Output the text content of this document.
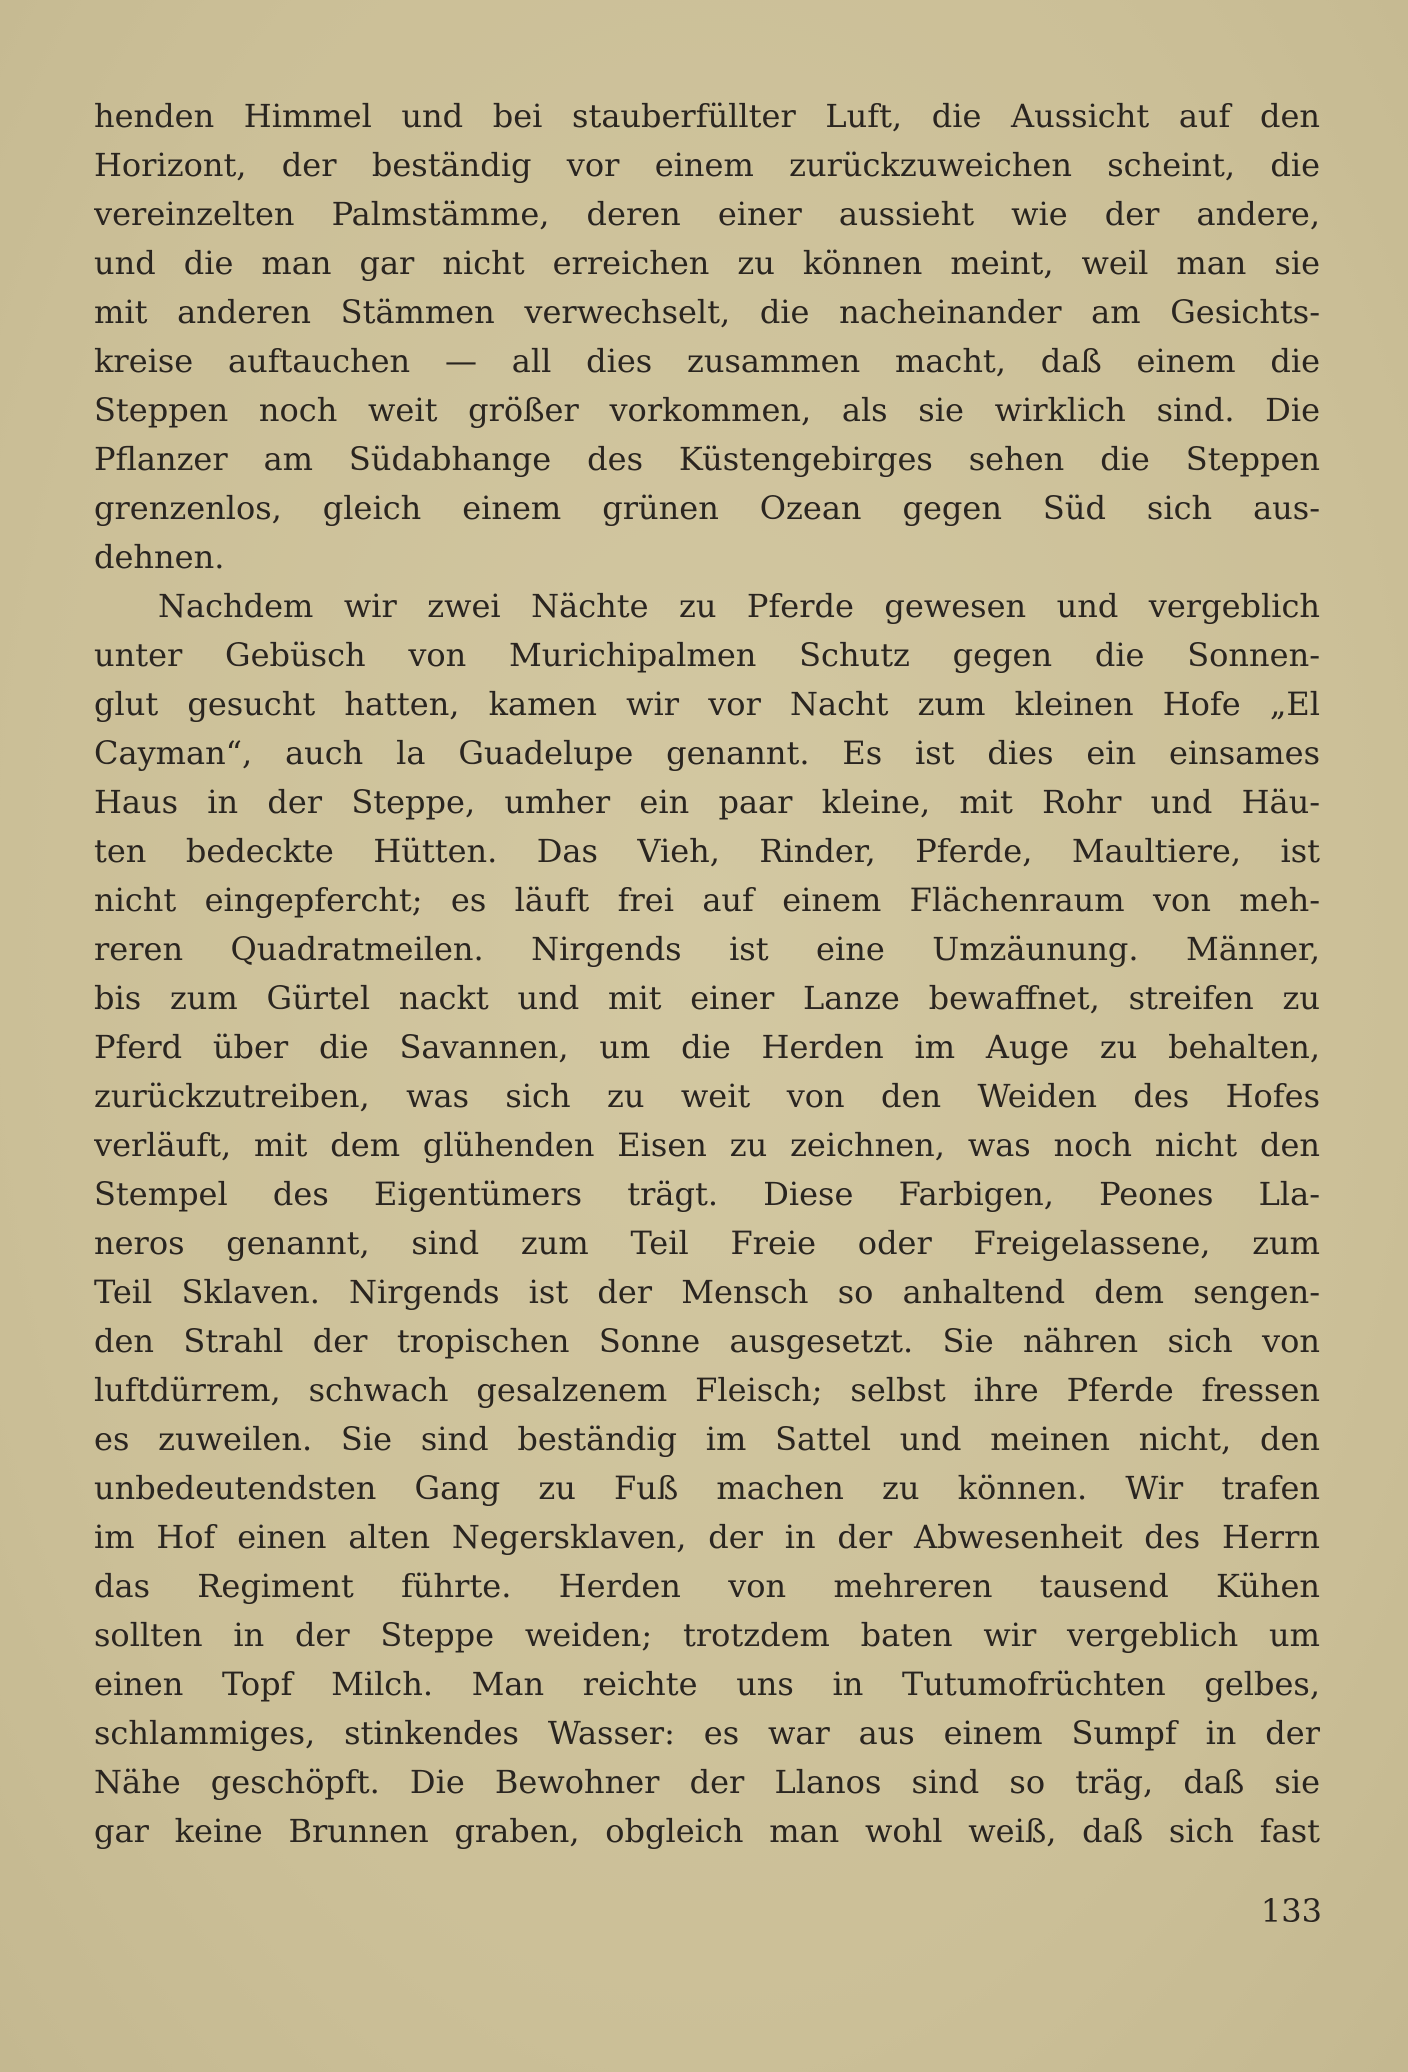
henden Himmel und bei stauberfüllter Luft, die Aussicht auf den
Horizont, der beständig vor einem zurückzuweichen scheint, die
vereinzelten Palmstämme, deren einer aussieht wie der andere,
und die man gar nicht erreichen zu können meint, weil man sie
mit anderen Stämmen verwechselt, die nacheinander am Gesichts-
kreise auftauchen — all dies zusammen macht, daß einem die
Steppen noch weit größer vorkommen, als sie wirklich sind. Die
Pflanzer am Südabhange des Küstengebirges sehen die Steppen
grenzenlos, gleich einem grünen Ozean gegen Süd sich aus-
dehnen.
Nachdem wir zwei Nächte zu Pferde gewesen und vergeblich
unter Gebüsch von Murichipalmen Schutz gegen die Sonnen-
glut gesucht hatten, kamen wir vor Nacht zum kleinen Hofe „El
Cayman“, auch la Guadelupe genannt. Es ist dies ein einsames
Haus in der Steppe, umher ein paar kleine, mit Rohr und Häu-
ten bedeckte Hütten. Das Vieh, Rinder, Pferde, Maultiere, ist
nicht eingepfercht; es läuft frei auf einem Flächenraum von meh-
reren Quadratmeilen. Nirgends ist eine Umzäunung. Männer,
bis zum Gürtel nackt und mit einer Lanze bewaffnet, streifen zu
Pferd über die Savannen, um die Herden im Auge zu behalten,
zurückzutreiben, was sich zu weit von den Weiden des Hofes
verläuft, mit dem glühenden Eisen zu zeichnen, was noch nicht den
Stempel des Eigentümers trägt. Diese Farbigen, Peones Lla-
neros genannt, sind zum Teil Freie oder Freigelassene, zum
Teil Sklaven. Nirgends ist der Mensch so anhaltend dem sengen-
den Strahl der tropischen Sonne ausgesetzt. Sie nähren sich von
luftdürrem, schwach gesalzenem Fleisch; selbst ihre Pferde fressen
es zuweilen. Sie sind beständig im Sattel und meinen nicht, den
unbedeutendsten Gang zu Fuß machen zu können. Wir trafen
im Hof einen alten Negersklaven, der in der Abwesenheit des Herrn
das Regiment führte. Herden von mehreren tausend Kühen
sollten in der Steppe weiden; trotzdem baten wir vergeblich um
einen Topf Milch. Man reichte uns in Tutumofrüchten gelbes,
schlammiges, stinkendes Wasser: es war aus einem Sumpf in der
Nähe geschöpft. Die Bewohner der Llanos sind so träg, daß sie
gar keine Brunnen graben, obgleich man wohl weiß, daß sich fast
133
